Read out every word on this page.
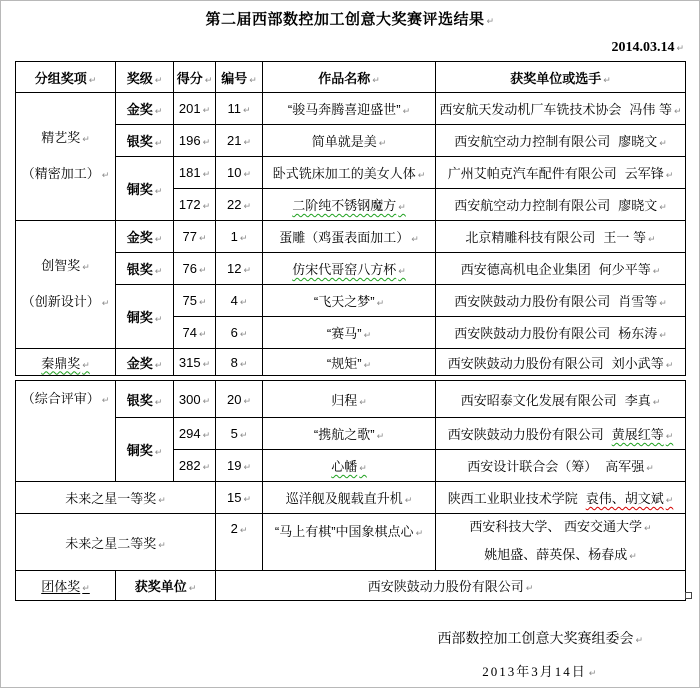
第二届西部数控加工创意大奖赛评选结果 ↵
2014.03.14 ↵
分组奖项 ↵	奖级 ↵	得分 ↵	编号 ↵	作品名称 ↵	获奖单位或选手 ↵

精艺奖 ↵
（精密加工） ↵	金奖 ↵	201 ↵	11 ↵	“骏马奔腾喜迎盛世” ↵	西安航天发动机厂车铣技术协会 冯伟 等 ↵
	银奖 ↵	196 ↵	21 ↵	简单就是美 ↵	西安航空动力控制有限公司 廖晓文 ↵
	铜奖 ↵	181 ↵	10 ↵	卧式铣床加工的美女人体 ↵	广州艾帕克汽车配件有限公司 云军锋 ↵
		172 ↵	22 ↵	二阶纯不锈钢魔方 ↵	西安航空动力控制有限公司 廖晓文 ↵

创智奖 ↵
（创新设计） ↵	金奖 ↵	77 ↵	1 ↵	蛋雕（鸡蛋表面加工） ↵	北京精雕科技有限公司 王一 等 ↵
	银奖 ↵	76 ↵	12 ↵	仿宋代哥窑八方杯 ↵	西安德高机电企业集团 何少平等 ↵
	铜奖 ↵	75 ↵	4 ↵	“飞天之梦” ↵	西安陕鼓动力股份有限公司 肖雪等 ↵
		74 ↵	6 ↵	“赛马” ↵	西安陕鼓动力股份有限公司 杨东涛 ↵
秦鼎奖 ↵	金奖 ↵	315 ↵	8 ↵	“规矩” ↵	西安陕鼓动力股份有限公司 刘小武等 ↵
（综合评审） ↵	银奖 ↵	300 ↵	20 ↵	归程 ↵	西安昭泰文化发展有限公司 李真 ↵
	铜奖 ↵	294 ↵	5 ↵	“携航之歌” ↵	西安陕鼓动力股份有限公司 黄展红等 ↵
		282 ↵	19 ↵	心幡 ↵	西安设计联合会（筹） 高军强 ↵
未来之星一等奖 ↵			15 ↵	巡洋舰及舰载直升机 ↵	陕西工业职业技术学院 袁伟、胡文斌 ↵
未来之星二等奖 ↵			2 ↵	“马上有棋”中国象棋点心 ↵	西安科技大学、 西安交通大学 ↵
姚旭盛、薛英保、杨春成 ↵

团体奖 ↵	获奖单位 ↵		西安陕鼓动力股份有限公司 ↵
西部数控加工创意大奖赛组委会 ↵
2013年3月14日 ↵
